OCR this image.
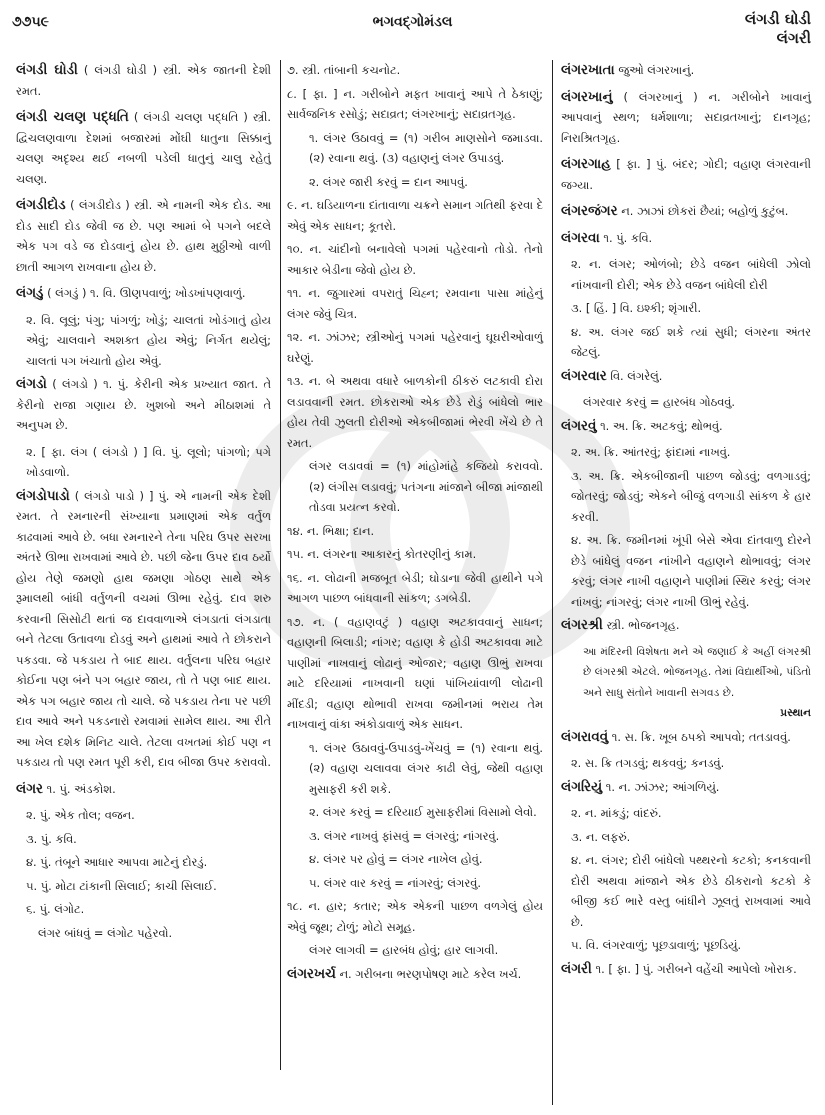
૭૭૫૯	ભગવદ્ગોમંડલ	લંગડી ઘોડી
લંગરી
લંગડી ઘોડી ( લંગડી ઘોડી ) સ્ત્રી. એક જાતની દેશી રમત.
લંગડી ચલણ પદ્ધતિ ( લંગડી ચલણ પદ્ધતિ ) સ્ત્રી. દ્વિચલણવાળા દેશમાં બજારમાં મોંઘી ધાતુના સિક્કાનું ચલણ અદૃશ્ય થઈ નબળી પડેલી ધાતુનું ચાલુ રહેતું ચલણ.
લંગડીદોડ ( લંગડીદોડ ) સ્ત્રી. એ નામની એક દોડ. આ દોડ સાદી દોડ જેવી જ છે. પણ આમાં બે પગને બદલે એક પગ વડે જ દોડવાનું હોય છે. હાથ મુઠ્ઠીઓ વાળી છાતી આગળ રાખવાના હોય છે.
લંગડું ( લંગડું ) ૧. વિ. ઊણપવાળું; ખોડખાંપણવાળું.
૨. વિ. લૂલું; પંગુ; પાંગળું; ખોડું; ચાલતાં ખોડંગાતું હોય એવું; ચાલવાને અશક્ત હોય એવું; નિર્ગત થયેલું; ચાલતાં પગ ખંચાતો હોય એવું.
લંગડો ( લંગડો ) ૧. પું. કેરીની એક પ્રખ્યાત જાત. તે કેરીનો રાજા ગણાય છે. ખુશબો અને મીઠાશમાં તે અનુપમ છે.
૨. [ ફા. લંગ ( લંગડો ) ] વિ. પું. લૂલો; પાંગળો; પગે ખોડવાળો.
લંગડોપાડો ( લંગડો પાડો ) ] પું. એ નામની એક દેશી રમત. તે રમનારની સંખ્યાના પ્રમાણમાં એક વર્તુળ કાઢવામાં આવે છે. બધા રમનારને તેના પરિઘ ઉપર સરખા અંતરે ઊભા રાખવામાં આવે છે. પછી જેના ઉપર દાવ ઠર્યો હોય તેણે જમણો હાથ જમણા ગોઠણ સાથે એક રૂમાલથી બાંધી વર્તુળની વચમાં ઊભા રહેવું. દાવ શરુ કરવાની સિસોટી થતાં જ દાવવાળાએ લંગડાતાં લંગડાતા બને તેટલા ઉતાવળા દોડવું અને હાથમાં આવે તે છોકરાને પકડવા. જે પકડાય તે બાદ થાય. વર્તુલના પરિઘ બહાર કોઈના પણ બંને પગ બહાર જાય, તો તે પણ બાદ થાય. એક પગ બહાર જાય તો ચાલે. જે પકડાય તેના પર પછી દાવ આવે અને પકડનારો રમવામાં સામેલ થાય. આ રીતે આ ખેલ દશેક મિનિટ ચાલે. તેટલા વખતમાં કોઈ પણ ન પકડાય તો પણ રમત પૂરી કરી, દાવ બીજા ઉપર કરાવવો.
લંગર ૧. પું. અંડકોશ.
૨. પું. એક તોલ; વજન.
૩. પું. કવિ.
૪. પું. તંબૂને આધાર આપવા માટેનું દોરડું.
૫. પું. મોટા ટાંકાની સિલાઈ; કાચી સિલાઈ.
૬. પું. લંગોટ.
લંગર બાંધવું = લંગોટ પહેરવો.
૭. સ્ત્રી. તાંબાની કચનોટ.
૮. [ ફા. ] ન. ગરીબોને મફત ખાવાનું આપે તે ઠેકાણું; સાર્વજનિક રસોડું; સદાવ્રત; લંગરખાનું; સદાવ્રતગૃહ.
૧. લંગર ઉઠાવવું = (૧) ગરીબ માણસોને જમાડવા. (૨) રવાના થવું. (૩) વહાણનું લંગર ઉપાડવું.
૨. લંગર જારી કરવું = દાન આપવું.
૯. ન. ઘડિયાળના દાંતાવાળા ચક્રને સમાન ગતિથી ફરવા દે એવું એક સાધન; કૂતરો.
૧૦. ન. ચાંદીનો બનાવેલો પગમાં પહેરવાનો તોડો. તેનો આકાર બેડીના જેવો હોય છે.
૧૧. ન. જુગારમાં વપરાતું ચિહ્ન; રમવાના પાસા માંહેનું લંગર જેવું ચિત્ર.
૧૨. ન. ઝાંઝર; સ્ત્રીઓનું પગમાં પહેરવાનું ઘૂઘરીઓવાળું ઘરેણું.
૧૩. ન. બે અથવા વધારે બાળકોની ઠીકરું લટકાવી દોરા લડાવવાની રમત. છોકરાઓ એક છેડે રોડું બાંધેલો ભાર હોય તેવી ઝુલતી દોરીઓ એકબીજામાં ભેરવી ખેંચે છે તે રમત.
લંગર લડાવવાં = (૧) માંહોમાંહે કજિયો કરાવવો. (૨) લંગીસ લડાવવું; પતંગના માંજાને બીજા માંજાથી તોડવા પ્રયત્ન કરવો.
૧૪. ન. ભિક્ષા; દાન.
૧૫. ન. લંગરના આકારનું કોતરણીનું કામ.
૧૬. ન. લોઢાની મજબૂત બેડી; ઘોડાના જેવી હાથીને પગે આગળ પાછળ બાંધવાની સાંકળ; ડગબેડી.
૧૭. ન. ( વહાણવટું ) વહાણ અટકાવવાનું સાધન; વહાણની બિલાડી; નાંગર; વહાણ કે હોડી અટકાવવા માટે પાણીમાં નાખવાનું લોઢાનું ઓજાર; વહાણ ઊભું રાખવા માટે દરિયામાં નાખવાની ઘણાં પાંખિયાંવાળી લોઢાની મીંદડી; વહાણ થોભાવી રાખવા જમીનમાં ભરાય તેમ નાખવાનું વાંકા અંકોડાવાળું એક સાધન.
૧. લંગર ઉઠાવવું-ઉપાડવું-ખેંચવું = (૧) રવાના થવું. (૨) વહાણ ચલાવવા લંગર કાઢી લેવું, જેથી વહાણ મુસાફરી કરી શકે.
૨. લંગર કરવું = દરિયાઈ મુસાફરીમાં વિસામો લેવો.
૩. લંગર નાખવું ફાંસવું = લંગરવું; નાંગરવું.
૪. લંગર પર હોવું = લંગર નાખેલ હોવું.
૫. લંગર વાર કરવું = નાંગરવું; લંગરવું.
૧૮. ન. હાર; કતાર; એક એકની પાછળ વળગેલું હોય એવું જૂથ; ટોળું; મોટો સમૂહ.
લંગર લાગવી = હારબંધ હોવું; હાર લાગવી.
લંગરખર્ચ ન. ગરીબના ભરણપોષણ માટે કરેલ ખર્ચ.
લંગરખાતા જુઓ લંગરખાનું.
લંગરખાનું ( લંગરખાનું ) ન. ગરીબોને ખાવાનું આપવાનું સ્થળ; ધર્મશાળા; સદાવ્રતખાનું; દાનગૃહ; નિરાશ્રિતગૃહ.
લંગરગાહ [ ફા. ] પું. બંદર; ગોદી; વહાણ લંગરવાની જગ્યા.
લંગરજંગર ન. ઝાઝાં છોકરાં છૈયાં; બહોળું કુટુંબ.
લંગરવા ૧. પું. કવિ.
૨. ન. લંગર; ઓળંબો; છેડે વજન બાંધેલી ઝોલો નાંખવાની દોરી; એક છેડે વજન બાંધેલી દોરી
૩. [ હિં. ] વિ. ઇશ્કી; શૃંગારી.
૪. અ. લંગર જઈ શકે ત્યાં સુધી; લંગરના અંતર જેટલું.
લંગરવાર વિ. લંગરેલું.
લંગરવાર કરવું = હારબંધ ગોઠવવું.
લંગરવું ૧. અ. ક્રિ. અટકવું; થોભવું.
૨. અ. ક્રિ. આંતરવું; ફાંદામાં નાખવું.
૩. અ. ક્રિ. એકબીજાની પાછળ જોડવું; વળગાડવું; જોતરવું; જોડવું; એકને બીજું વળગાડી સાંકળ કે હાર કરવી.
૪. અ. ક્રિ. જમીનમાં ખૂંપી બેસે એવા દાંતવાળુ દોરને છેડે બાંધેલું વજન નાંખીને વહાણને થોભાવવું; લંગર કરવું; લંગર નાખી વહાણને પાણીમાં સ્થિર કરવું; લંગર નાંખવું; નાંગરવું; લંગર નાખી ઊભું રહેવું.
લંગરશ્રી સ્ત્રી. ભોજનગૃહ.
આ મંદિરની વિશેષતા મને એ જણાઈ કે અહીં લંગરશ્રી છે લંગરશ્રી એટલે. ભોજનગૃહ. તેમાં વિદ્યાર્થીઓ, પંડિતો અને સાધુ સંતોને ખાવાની સગવડ છે.
પ્રસ્થાન
લંગરાવવું ૧. સ. ક્રિ. ખૂબ ઠપકો આપવો; તતડાવવું.
૨. સ. ક્રિ તગડવું; થકવવું; કનડવું.
લંગરિયું ૧. ન. ઝાંઝર; આંગળિયું.
૨. ન. માંકડું; વાંદરું.
૩. ન. લફરું.
૪. ન. લંગર; દોરી બાંધેલો પથ્થરનો કટકો; કનકવાની દોરી અથવા માંજાને એક છેડે ઠીકરાનો કટકો કે બીજી કઈ ભારે વસ્તુ બાંધીને ઝૂલતું રાખવામાં આવે છે.
૫. વિ. લંગરવાળું; પૂછડાવાળું; પૂછડિયું.
લંગરી ૧. [ ફા. ] પું. ગરીબને વહેંચી આપેલો ખોરાક.
